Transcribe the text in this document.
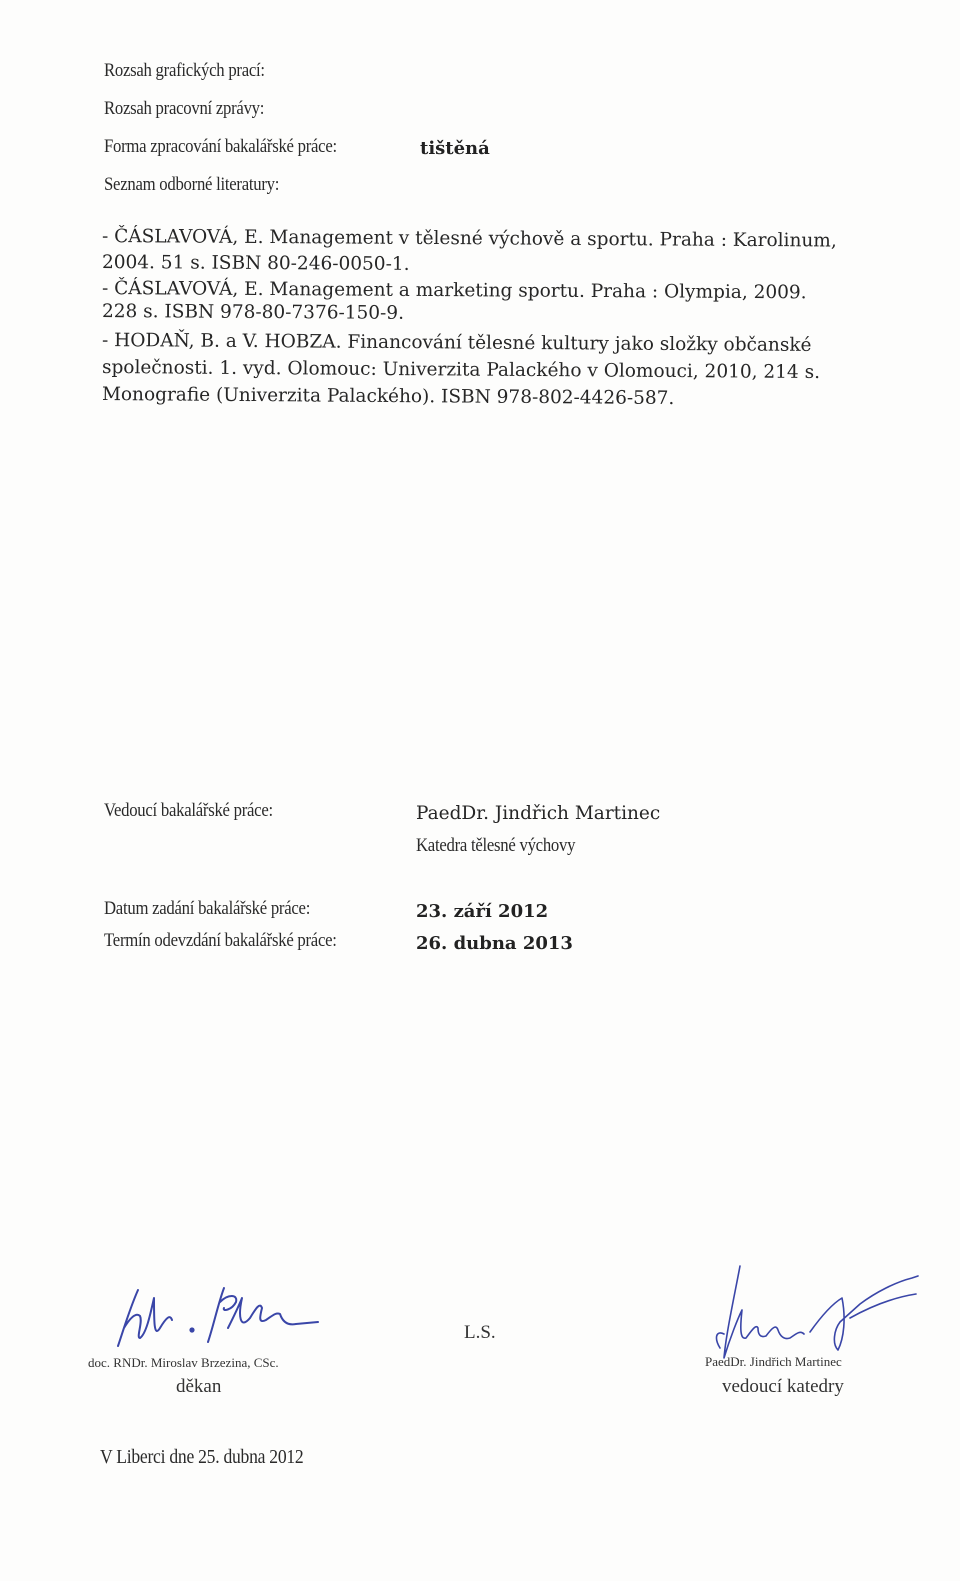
Rozsah grafických prací:
Rozsah pracovní zprávy:
Forma zpracování bakalářské práce:	tištěná
Seznam odborné literatury:
- ČÁSLAVOVÁ, E. Management v tělesné výchově a sportu. Praha : Karolinum,
2004. 51 s. ISBN 80-246-0050-1.
- ČÁSLAVOVÁ, E. Management a marketing sportu. Praha : Olympia, 2009.
228 s. ISBN 978-80-7376-150-9.
- HODAŇ, B. a V. HOBZA. Financování tělesné kultury jako složky občanské
společnosti. 1. vyd. Olomouc: Univerzita Palackého v Olomouci, 2010, 214 s.
Monografie (Univerzita Palackého). ISBN 978-802-4426-587.
Vedoucí bakalářské práce:	PaedDr. Jindřich Martinec
Katedra tělesné výchovy
Datum zadání bakalářské práce:	23. září 2012
Termín odevzdání bakalářské práce:	26. dubna 2013
doc. RNDr. Miroslav Brzezina, CSc.
děkan
L.S.
PaedDr. Jindřich Martinec
vedoucí katedry
V Liberci dne 25. dubna 2012
